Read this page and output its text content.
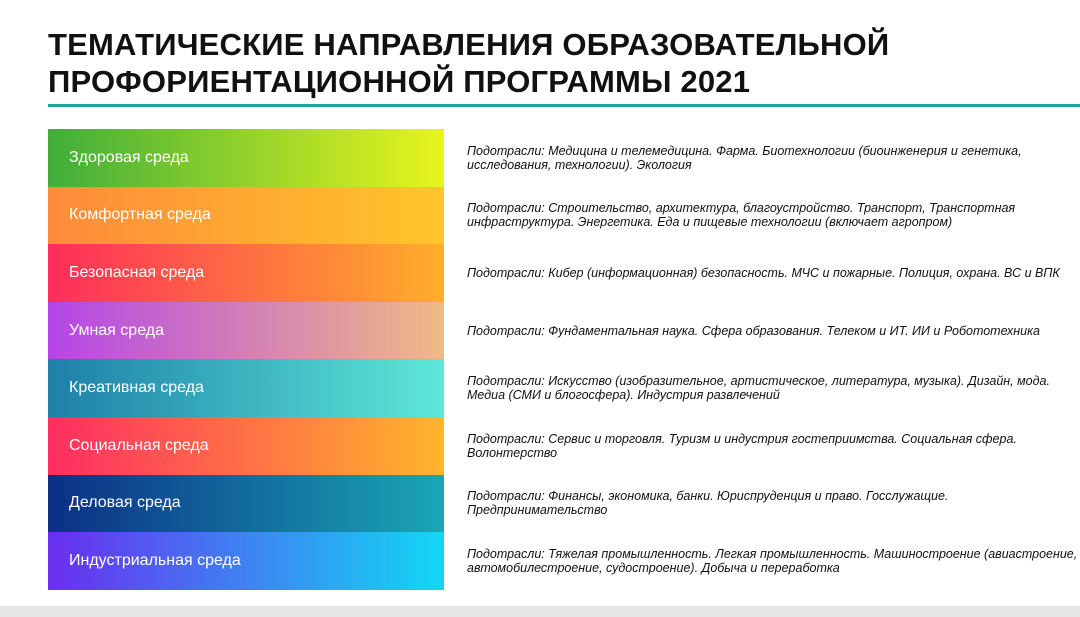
ТЕМАТИЧЕСКИЕ НАПРАВЛЕНИЯ ОБРАЗОВАТЕЛЬНОЙ
ПРОФОРИЕНТАЦИОННОЙ ПРОГРАММЫ 2021
Здоровая среда	Подотрасли: Медицина и телемедицина. Фарма. Биотехнологии (биоинженерия и генетика, исследования, технологии). Экология
Комфортная среда	Подотрасли: Строительство, архитектура, благоустройство. Транспорт, Транспортная инфраструктура. Энергетика. Еда и пищевые технологии (включает агропром)
Безопасная среда	Подотрасли: Кибер (информационная) безопасность. МЧС и пожарные. Полиция, охрана. ВС и ВПК
Умная среда	Подотрасли: Фундаментальная наука. Сфера образования. Телеком и ИТ. ИИ и Робототехника
Креативная среда	Подотрасли: Искусство (изобразительное, артистическое, литература, музыка). Дизайн, мода. Медиа (СМИ и блогосфера). Индустрия развлечений
Социальная среда	Подотрасли: Сервис и торговля. Туризм и индустрия гостеприимства. Социальная сфера. Волонтерство
Деловая среда	Подотрасли: Финансы, экономика, банки. Юриспруденция и право. Госслужащие. Предпринимательство
Индустриальная среда	Подотрасли: Тяжелая промышленность. Легкая промышленность. Машиностроение (авиастроение, автомобилестроение, судостроение). Добыча и переработка
